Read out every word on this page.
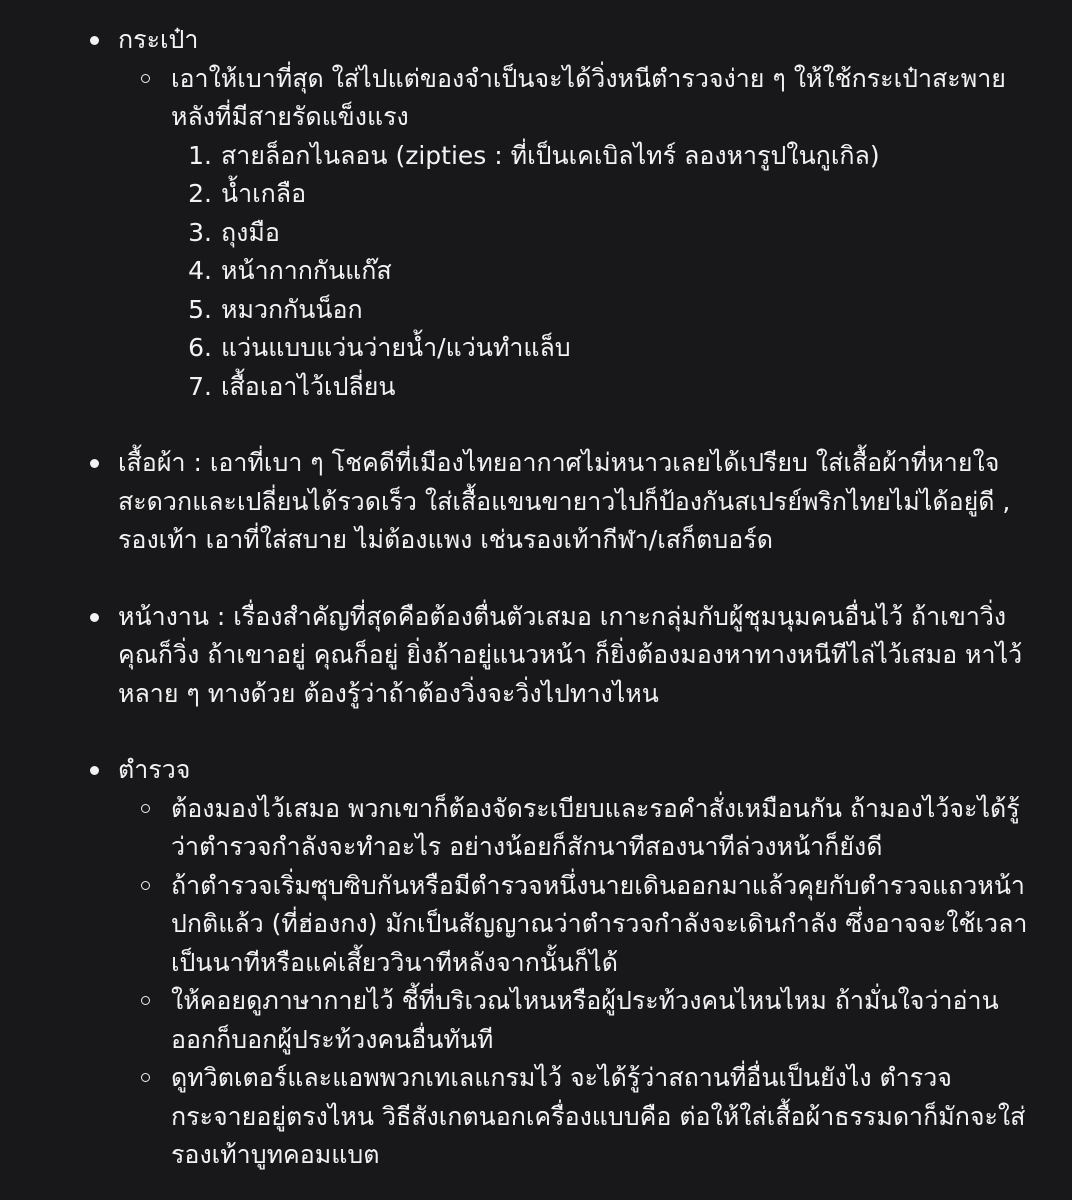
กระเป๋า
เอาให้เบาที่สุด ใส่ไปแต่ของจำเป็นจะได้วิ่งหนีตำรวจง่าย ๆ ให้ใช้กระเป๋าสะพายหลังที่มีสายรัดแข็งแรง
1. สายล็อกไนลอน (zipties : ที่เป็นเคเบิลไทร์ ลองหารูปในกูเกิล)
2. น้ำเกลือ
3. ถุงมือ
4. หน้ากากกันแก๊ส
5. หมวกกันน็อก
6. แว่นแบบแว่นว่ายน้ำ/แว่นทำแล็บ
7. เสื้อเอาไว้เปลี่ยน
เสื้อผ้า : เอาที่เบา ๆ โชคดีที่เมืองไทยอากาศไม่หนาวเลยได้เปรียบ ใส่เสื้อผ้าที่หายใจสะดวกและเปลี่ยนได้รวดเร็ว ใส่เสื้อแขนขายาวไปก็ป้องกันสเปรย์พริกไทยไม่ได้อยู่ดี , รองเท้า เอาที่ใส่สบาย ไม่ต้องแพง เช่นรองเท้ากีฬา/เสก็ตบอร์ด
หน้างาน : เรื่องสำคัญที่สุดคือต้องตื่นตัวเสมอ เกาะกลุ่มกับผู้ชุมนุมคนอื่นไว้ ถ้าเขาวิ่ง คุณก็วิ่ง ถ้าเขาอยู่ คุณก็อยู่ ยิ่งถ้าอยู่แนวหน้า ก็ยิ่งต้องมองหาทางหนีทีไล่ไว้เสมอ หาไว้หลาย ๆ ทางด้วย ต้องรู้ว่าถ้าต้องวิ่งจะวิ่งไปทางไหน
ตำรวจ
ต้องมองไว้เสมอ พวกเขาก็ต้องจัดระเบียบและรอคำสั่งเหมือนกัน ถ้ามองไว้จะได้รู้ว่าตำรวจกำลังจะทำอะไร อย่างน้อยก็สักนาทีสองนาทีล่วงหน้าก็ยังดี
ถ้าตำรวจเริ่มซุบซิบกันหรือมีตำรวจหนึ่งนายเดินออกมาแล้วคุยกับตำรวจแถวหน้า ปกติแล้ว (ที่ฮ่องกง) มักเป็นสัญญาณว่าตำรวจกำลังจะเดินกำลัง ซึ่งอาจจะใช้เวลาเป็นนาทีหรือแค่เสี้ยววินาทีหลังจากนั้นก็ได้
ให้คอยดูภาษากายไว้ ชี้ที่บริเวณไหนหรือผู้ประท้วงคนไหนไหม ถ้ามั่นใจว่าอ่านออกก็บอกผู้ประท้วงคนอื่นทันที
ดูทวิตเตอร์และแอพพวกเทเลแกรมไว้ จะได้รู้ว่าสถานที่อื่นเป็นยังไง ตำรวจกระจายอยู่ตรงไหน วิธีสังเกตนอกเครื่องแบบคือ ต่อให้ใส่เสื้อผ้าธรรมดาก็มักจะใส่รองเท้าบูทคอมแบต
